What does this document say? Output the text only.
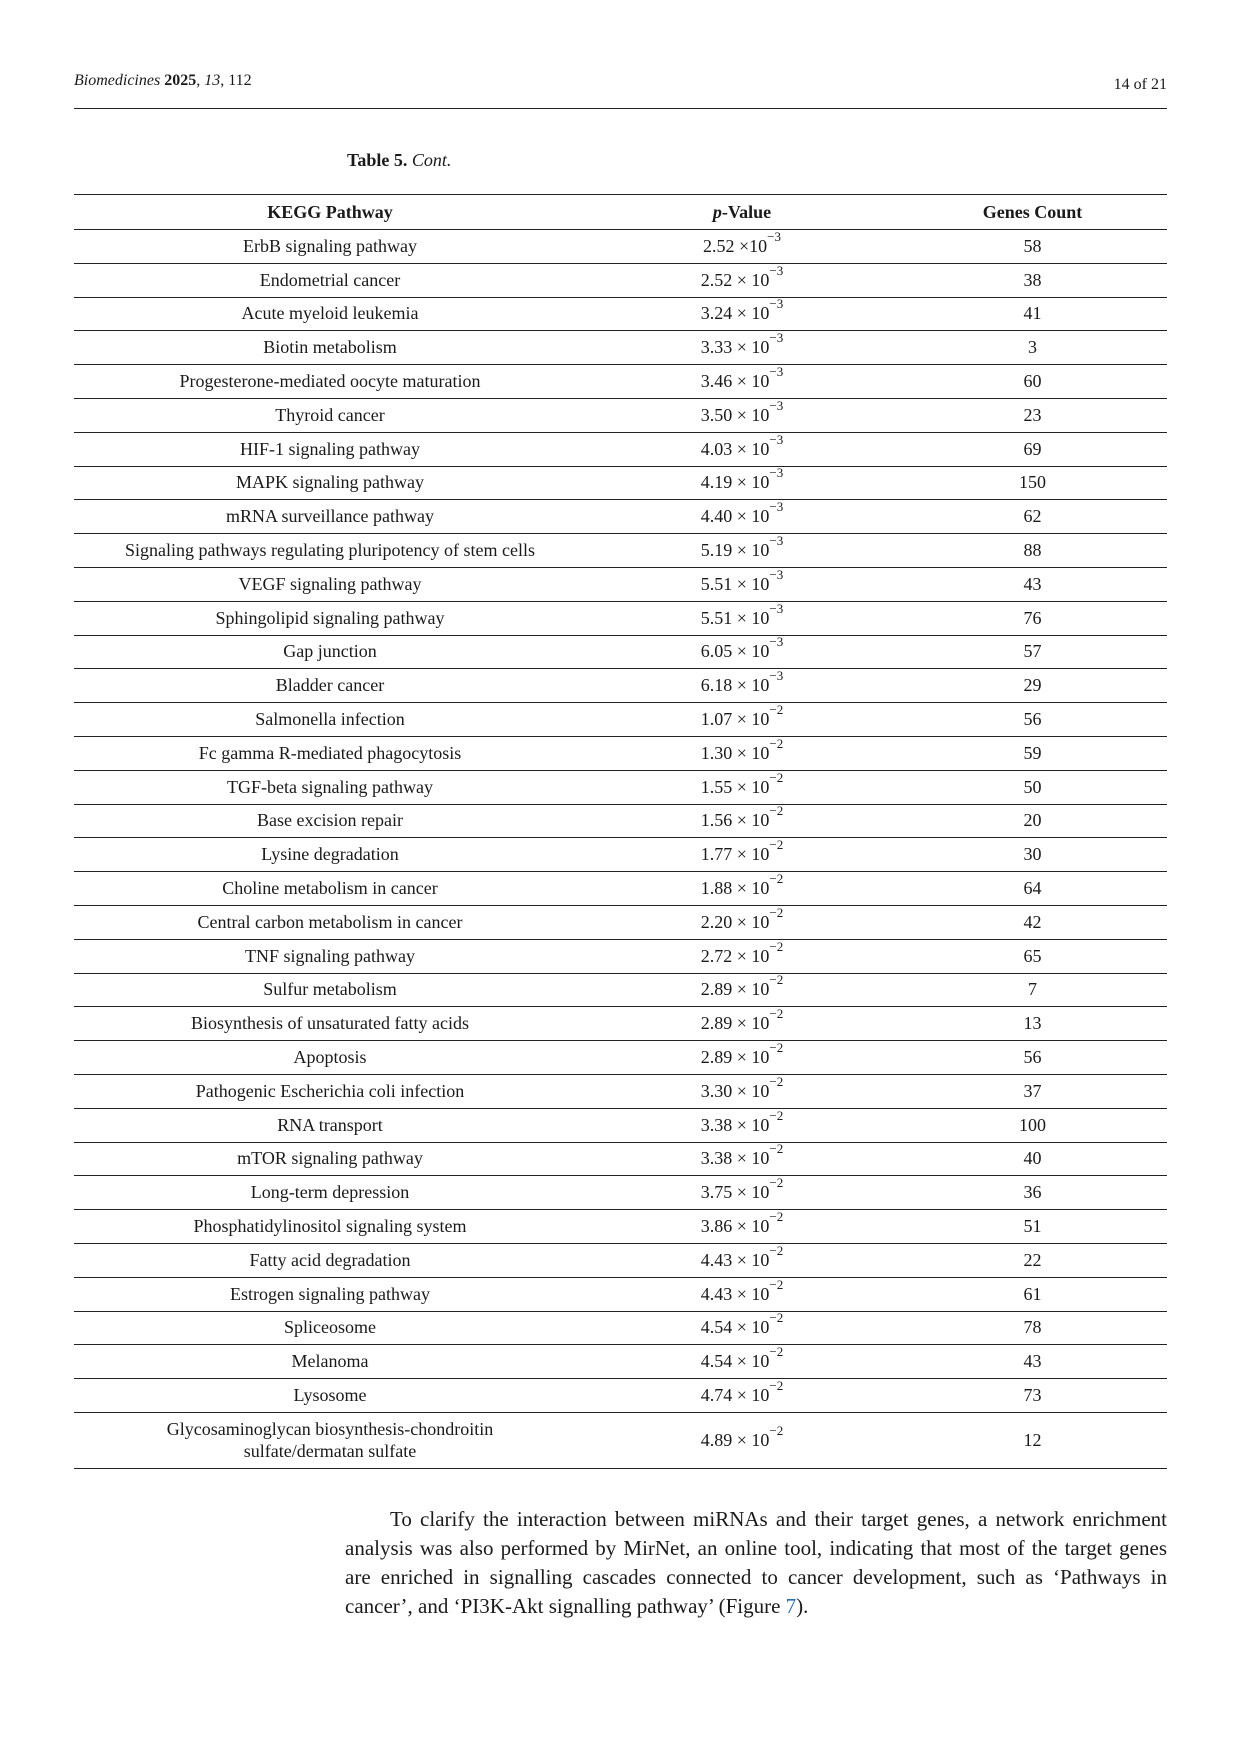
Biomedicines 2025, 13, 112	14 of 21
Table 5. Cont.
KEGG Pathway	p-Value	Genes Count
ErbB signaling pathway	$2.52 \times 10^{-3}$	58
Endometrial cancer	$2.52 \times 10^{-3}$	38
Acute myeloid leukemia	$3.24 \times 10^{-3}$	41
Biotin metabolism	$3.33 \times 10^{-3}$	3
Progesterone-mediated oocyte maturation	$3.46 \times 10^{-3}$	60
Thyroid cancer	$3.50 \times 10^{-3}$	23
HIF-1 signaling pathway	$4.03 \times 10^{-3}$	69
MAPK signaling pathway	$4.19 \times 10^{-3}$	150
mRNA surveillance pathway	$4.40 \times 10^{-3}$	62
Signaling pathways regulating pluripotency of stem cells	$5.19 \times 10^{-3}$	88
VEGF signaling pathway	$5.51 \times 10^{-3}$	43
Sphingolipid signaling pathway	$5.51 \times 10^{-3}$	76
Gap junction	$6.05 \times 10^{-3}$	57
Bladder cancer	$6.18 \times 10^{-3}$	29
Salmonella infection	$1.07 \times 10^{-2}$	56
Fc gamma R-mediated phagocytosis	$1.30 \times 10^{-2}$	59
TGF-beta signaling pathway	$1.55 \times 10^{-2}$	50
Base excision repair	$1.56 \times 10^{-2}$	20
Lysine degradation	$1.77 \times 10^{-2}$	30
Choline metabolism in cancer	$1.88 \times 10^{-2}$	64
Central carbon metabolism in cancer	$2.20 \times 10^{-2}$	42
TNF signaling pathway	$2.72 \times 10^{-2}$	65
Sulfur metabolism	$2.89 \times 10^{-2}$	7
Biosynthesis of unsaturated fatty acids	$2.89 \times 10^{-2}$	13
Apoptosis	$2.89 \times 10^{-2}$	56
Pathogenic Escherichia coli infection	$3.30 \times 10^{-2}$	37
RNA transport	$3.38 \times 10^{-2}$	100
mTOR signaling pathway	$3.38 \times 10^{-2}$	40
Long-term depression	$3.75 \times 10^{-2}$	36
Phosphatidylinositol signaling system	$3.86 \times 10^{-2}$	51
Fatty acid degradation	$4.43 \times 10^{-2}$	22
Estrogen signaling pathway	$4.43 \times 10^{-2}$	61
Spliceosome	$4.54 \times 10^{-2}$	78
Melanoma	$4.54 \times 10^{-2}$	43
Lysosome	$4.74 \times 10^{-2}$	73
Glycosaminoglycan biosynthesis-chondroitin
sulfate/dermatan sulfate	$4.89 \times 10^{-2}$	12
To clarify the interaction between miRNAs and their target genes, a network enrichment analysis was also performed by MirNet, an online tool, indicating that most of the target genes are enriched in signalling cascades connected to cancer development, such as ‘Pathways in cancer’, and ‘PI3K-Akt signalling pathway’ (Figure 7).
